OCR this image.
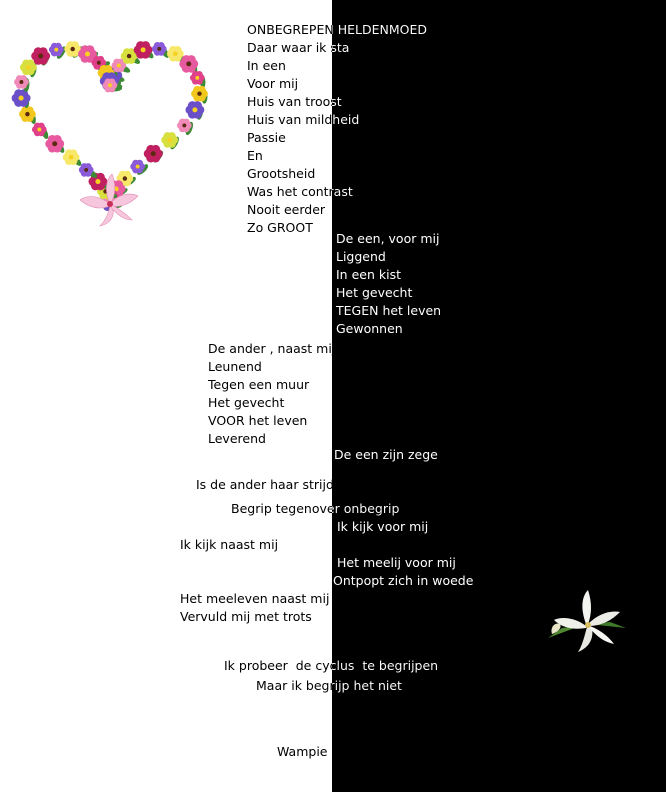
ONBEGREPEN HELDENMOED
Daar waar ik sta
In een
Voor mij
Huis van troost
Huis van mildheid
Passie
En
Grootsheid
Was het contrast
Nooit eerder
Zo GROOT
De een, voor mij
Liggend
In een kist
Het gevecht
TEGEN het leven
Gewonnen
De ander , naast mij
Leunend
Tegen een muur
Het gevecht
VOOR het leven
Leverend
De een zijn zege
Is de ander haar strijd
Begrip tegenover onbegrip
Ik kijk voor mij
Ik kijk naast mij
Het meelij voor mij
Ontpopt zich in woede
Het meeleven naast mij
Vervuld mij met trots
Ik probeer  de cyclus  te begrijpen
Maar ik begrijp het niet
Wampie
